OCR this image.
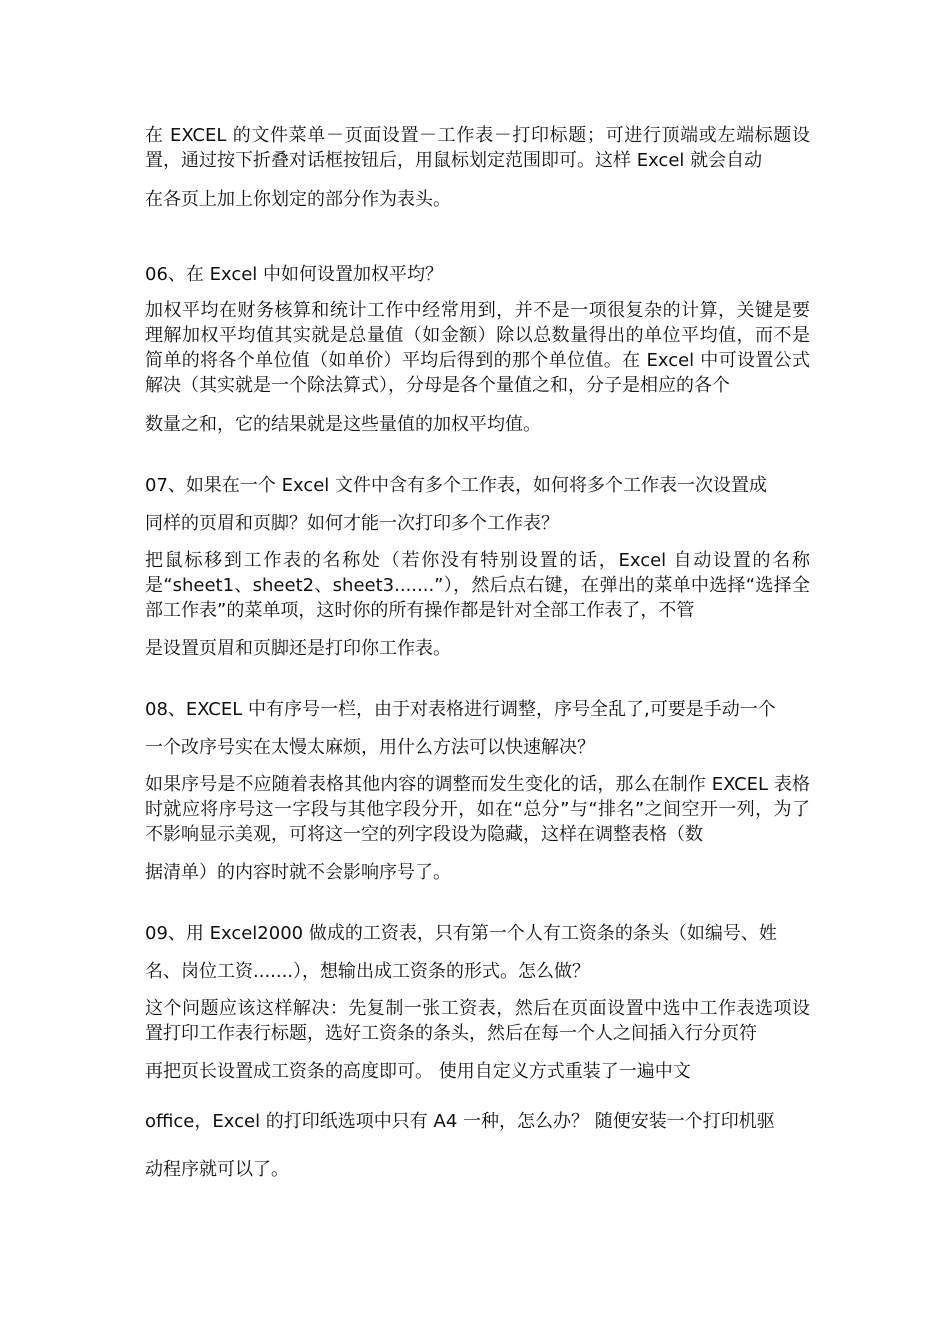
在 EXCEL 的文件菜单－页面设置－工作表－打印标题；可进行顶端或左端标题设置，通过按下折叠对话框按钮后，用鼠标划定范围即可。这样 Excel 就会自动

在各页上加上你划定的部分作为表头。

06、在 Excel 中如何设置加权平均？

加权平均在财务核算和统计工作中经常用到，并不是一项很复杂的计算，关键是要理解加权平均值其实就是总量值（如金额）除以总数量得出的单位平均值，而不是简单的将各个单位值（如单价）平均后得到的那个单位值。在 Excel 中可设置公式解决（其实就是一个除法算式），分母是各个量值之和，分子是相应的各个

数量之和，它的结果就是这些量值的加权平均值。

07、如果在一个 Excel 文件中含有多个工作表，如何将多个工作表一次设置成

同样的页眉和页脚？如何才能一次打印多个工作表？

把鼠标移到工作表的名称处（若你没有特别设置的话，Excel 自动设置的名称是“sheet1、sheet2、sheet3.......”），然后点右键，在弹出的菜单中选择“选择全部工作表”的菜单项，这时你的所有操作都是针对全部工作表了，不管

是设置页眉和页脚还是打印你工作表。

08、EXCEL 中有序号一栏，由于对表格进行调整，序号全乱了,可要是手动一个

一个改序号实在太慢太麻烦，用什么方法可以快速解决？

如果序号是不应随着表格其他内容的调整而发生变化的话，那么在制作 EXCEL 表格时就应将序号这一字段与其他字段分开，如在“总分”与“排名”之间空开一列，为了不影响显示美观，可将这一空的列字段设为隐藏，这样在调整表格（数

据清单）的内容时就不会影响序号了。

09、用 Excel2000 做成的工资表，只有第一个人有工资条的条头（如编号、姓

名、岗位工资.......），想输出成工资条的形式。怎么做？

这个问题应该这样解决：先复制一张工资表，然后在页面设置中选中工作表选项设置打印工作表行标题，选好工资条的条头，然后在每一个人之间插入行分页符

再把页长设置成工资条的高度即可。 使用自定义方式重装了一遍中文

office，Excel 的打印纸选项中只有 A4 一种，怎么办？ 随便安装一个打印机驱

动程序就可以了。
